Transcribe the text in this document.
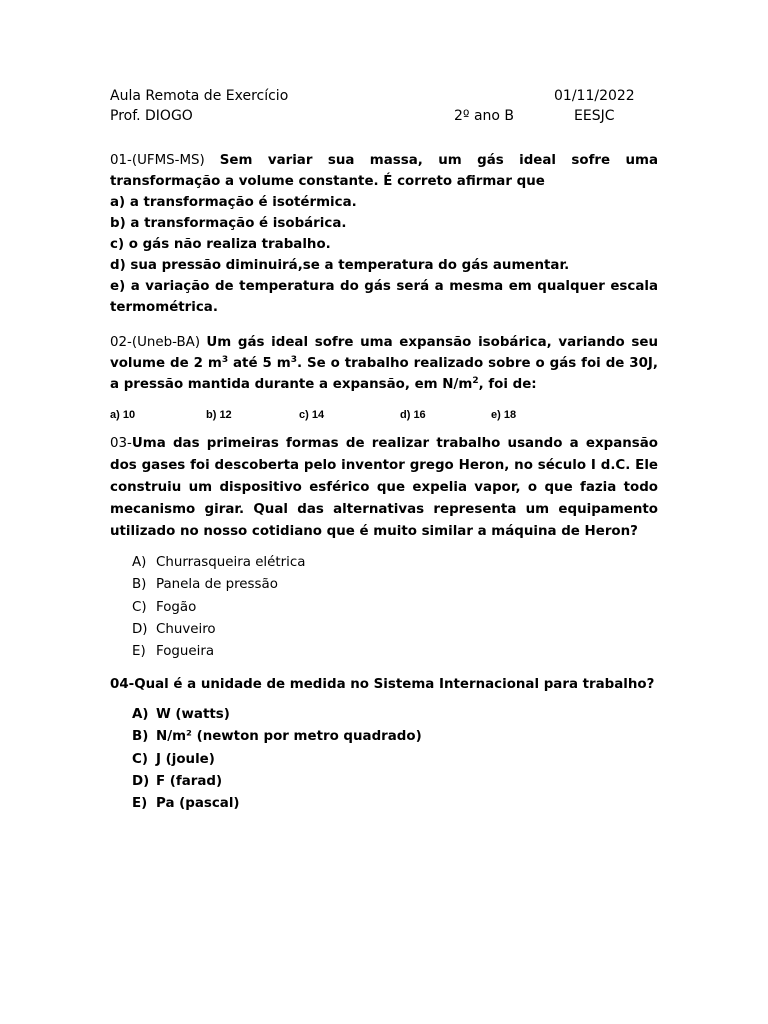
Aula Remota de Exercício	01/11/2022
Prof. DIOGO	2º ano B	EESJC
01-(UFMS-MS) Sem variar sua massa, um gás ideal sofre uma transformação a volume constante. É correto afirmar que
a) a transformação é isotérmica.
b) a transformação é isobárica.
c) o gás não realiza trabalho.
d) sua pressão diminuirá,se a temperatura do gás aumentar.
e) a variação de temperatura do gás será a mesma em qualquer escala termométrica.
02-(Uneb-BA) Um gás ideal sofre uma expansão isobárica, variando seu volume de 2 $m^3$ até 5 $m^3$. Se o trabalho realizado sobre o gás foi de 30J, a pressão mantida durante a expansão, em $N/m^2$, foi de:
a) 10	b) 12	c) 14	d) 16	e) 18
03-Uma das primeiras formas de realizar trabalho usando a expansão dos gases foi descoberta pelo inventor grego Heron, no século I d.C. Ele construiu um dispositivo esférico que expelia vapor, o que fazia todo mecanismo girar. Qual das alternativas representa um equipamento utilizado no nosso cotidiano que é muito similar a máquina de Heron?
A) Churrasqueira elétrica
B) Panela de pressão
C) Fogão
D) Chuveiro
E) Fogueira
04-Qual é a unidade de medida no Sistema Internacional para trabalho?
A) W (watts)
B) N/m² (newton por metro quadrado)
C) J (joule)
D) F (farad)
E) Pa (pascal)
